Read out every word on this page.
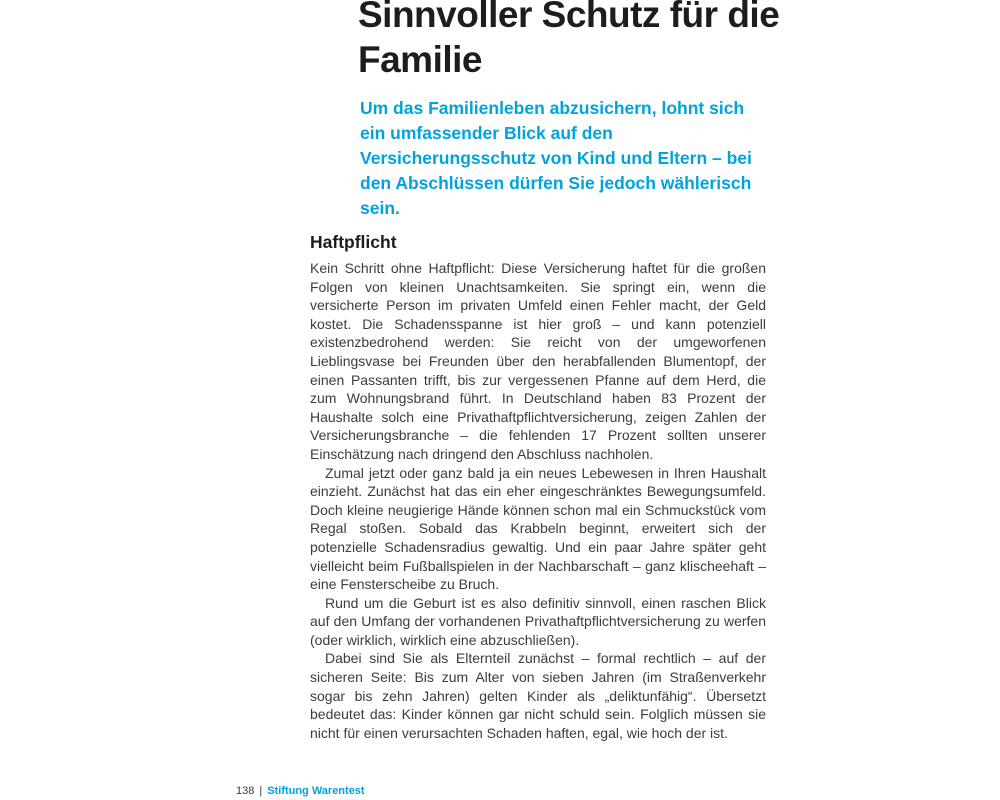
Sinnvoller Schutz für die Familie

Um das Familienleben abzusichern, lohnt sich ein umfassender Blick auf den Versicherungsschutz von Kind und Eltern – bei den Abschlüssen dürfen Sie jedoch wählerisch sein.

Haftpflicht

Kein Schritt ohne Haftpflicht: Diese Versicherung haftet für die großen Folgen von kleinen Unachtsamkeiten. Sie springt ein, wenn die versicherte Person im privaten Umfeld einen Fehler macht, der Geld kostet. Die Schadensspanne ist hier groß – und kann potenziell existenzbedrohend werden: Sie reicht von der umgeworfenen Lieblingsvase bei Freunden über den herabfallenden Blumentopf, der einen Passanten trifft, bis zur vergessenen Pfanne auf dem Herd, die zum Wohnungsbrand führt. In Deutschland haben 83 Prozent der Haushalte solch eine Privathaftpflichtversicherung, zeigen Zahlen der Versicherungsbranche – die fehlenden 17 Prozent sollten unserer Einschätzung nach dringend den Abschluss nachholen.

Zumal jetzt oder ganz bald ja ein neues Lebewesen in Ihren Haushalt einzieht. Zunächst hat das ein eher eingeschränktes Bewegungsumfeld. Doch kleine neugierige Hände können schon mal ein Schmuckstück vom Regal stoßen. Sobald das Krabbeln beginnt, erweitert sich der potenzielle Schadensradius gewaltig. Und ein paar Jahre später geht vielleicht beim Fußballspielen in der Nachbarschaft – ganz klischeehaft – eine Fensterscheibe zu Bruch.

Rund um die Geburt ist es also definitiv sinnvoll, einen raschen Blick auf den Umfang der vorhandenen Privathaftpflichtversicherung zu werfen (oder wirklich, wirklich eine abzuschließen).

Dabei sind Sie als Elternteil zunächst – formal rechtlich – auf der sicheren Seite: Bis zum Alter von sieben Jahren (im Straßenverkehr sogar bis zehn Jahren) gelten Kinder als „deliktunfähig“. Übersetzt bedeutet das: Kinder können gar nicht schuld sein. Folglich müssen sie nicht für einen verursachten Schaden haften, egal, wie hoch der ist.

138 | Stiftung Warentest
